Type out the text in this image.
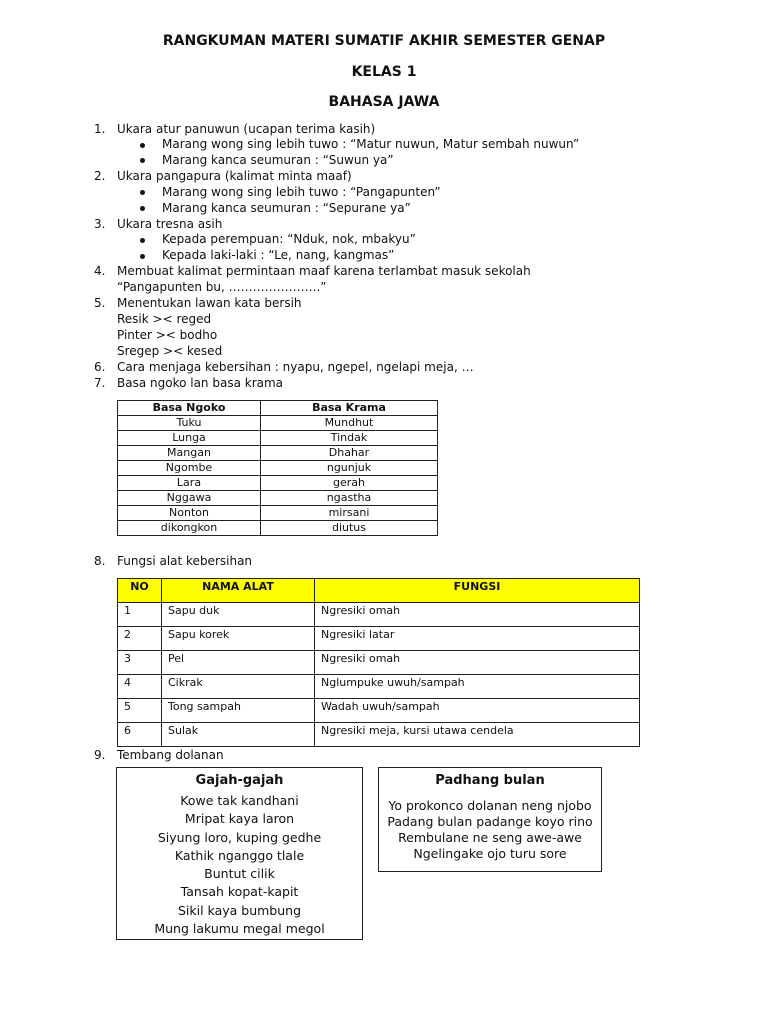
RANGKUMAN MATERI SUMATIF AKHIR SEMESTER GENAP
KELAS 1
BAHASA JAWA
1. Ukara atur panuwun (ucapan terima kasih)
Marang wong sing lebih tuwo : “Matur nuwun, Matur sembah nuwun”
Marang kanca seumuran : “Suwun ya”
2. Ukara pangapura (kalimat minta maaf)
Marang wong sing lebih tuwo : “Pangapunten”
Marang kanca seumuran : “Sepurane ya”
3. Ukara tresna asih
Kepada perempuan: “Nduk, nok, mbakyu”
Kepada laki-laki : “Le, nang, kangmas”
4. Membuat kalimat permintaan maaf karena terlambat masuk sekolah
“Pangapunten bu, …………………..”
5. Menentukan lawan kata bersih
Resik >< reged
Pinter >< bodho
Sregep >< kesed
6. Cara menjaga kebersihan : nyapu, ngepel, ngelapi meja, …
7. Basa ngoko lan basa krama
Basa Ngoko	Basa Krama
Tuku	Mundhut
Lunga	Tindak
Mangan	Dhahar
Ngombe	ngunjuk
Lara	gerah
Nggawa	ngastha
Nonton	mirsani
dikongkon	diutus
8. Fungsi alat kebersihan
NO	NAMA ALAT	FUNGSI
1	Sapu duk	Ngresiki omah
2	Sapu korek	Ngresiki latar
3	Pel	Ngresiki omah
4	Cikrak	Nglumpuke uwuh/sampah
5	Tong sampah	Wadah uwuh/sampah
6	Sulak	Ngresiki meja, kursi utawa cendela
9. Tembang dolanan
Gajah-gajah
Kowe tak kandhani
Mripat kaya laron
Siyung loro, kuping gedhe
Kathik nganggo tlale
Buntut cilik
Tansah kopat-kapit
Sikil kaya bumbung
Mung lakumu megal megol
Padhang bulan
Yo prokonco dolanan neng njobo
Padang bulan padange koyo rino
Rembulane ne seng awe-awe
Ngelingake ojo turu sore
